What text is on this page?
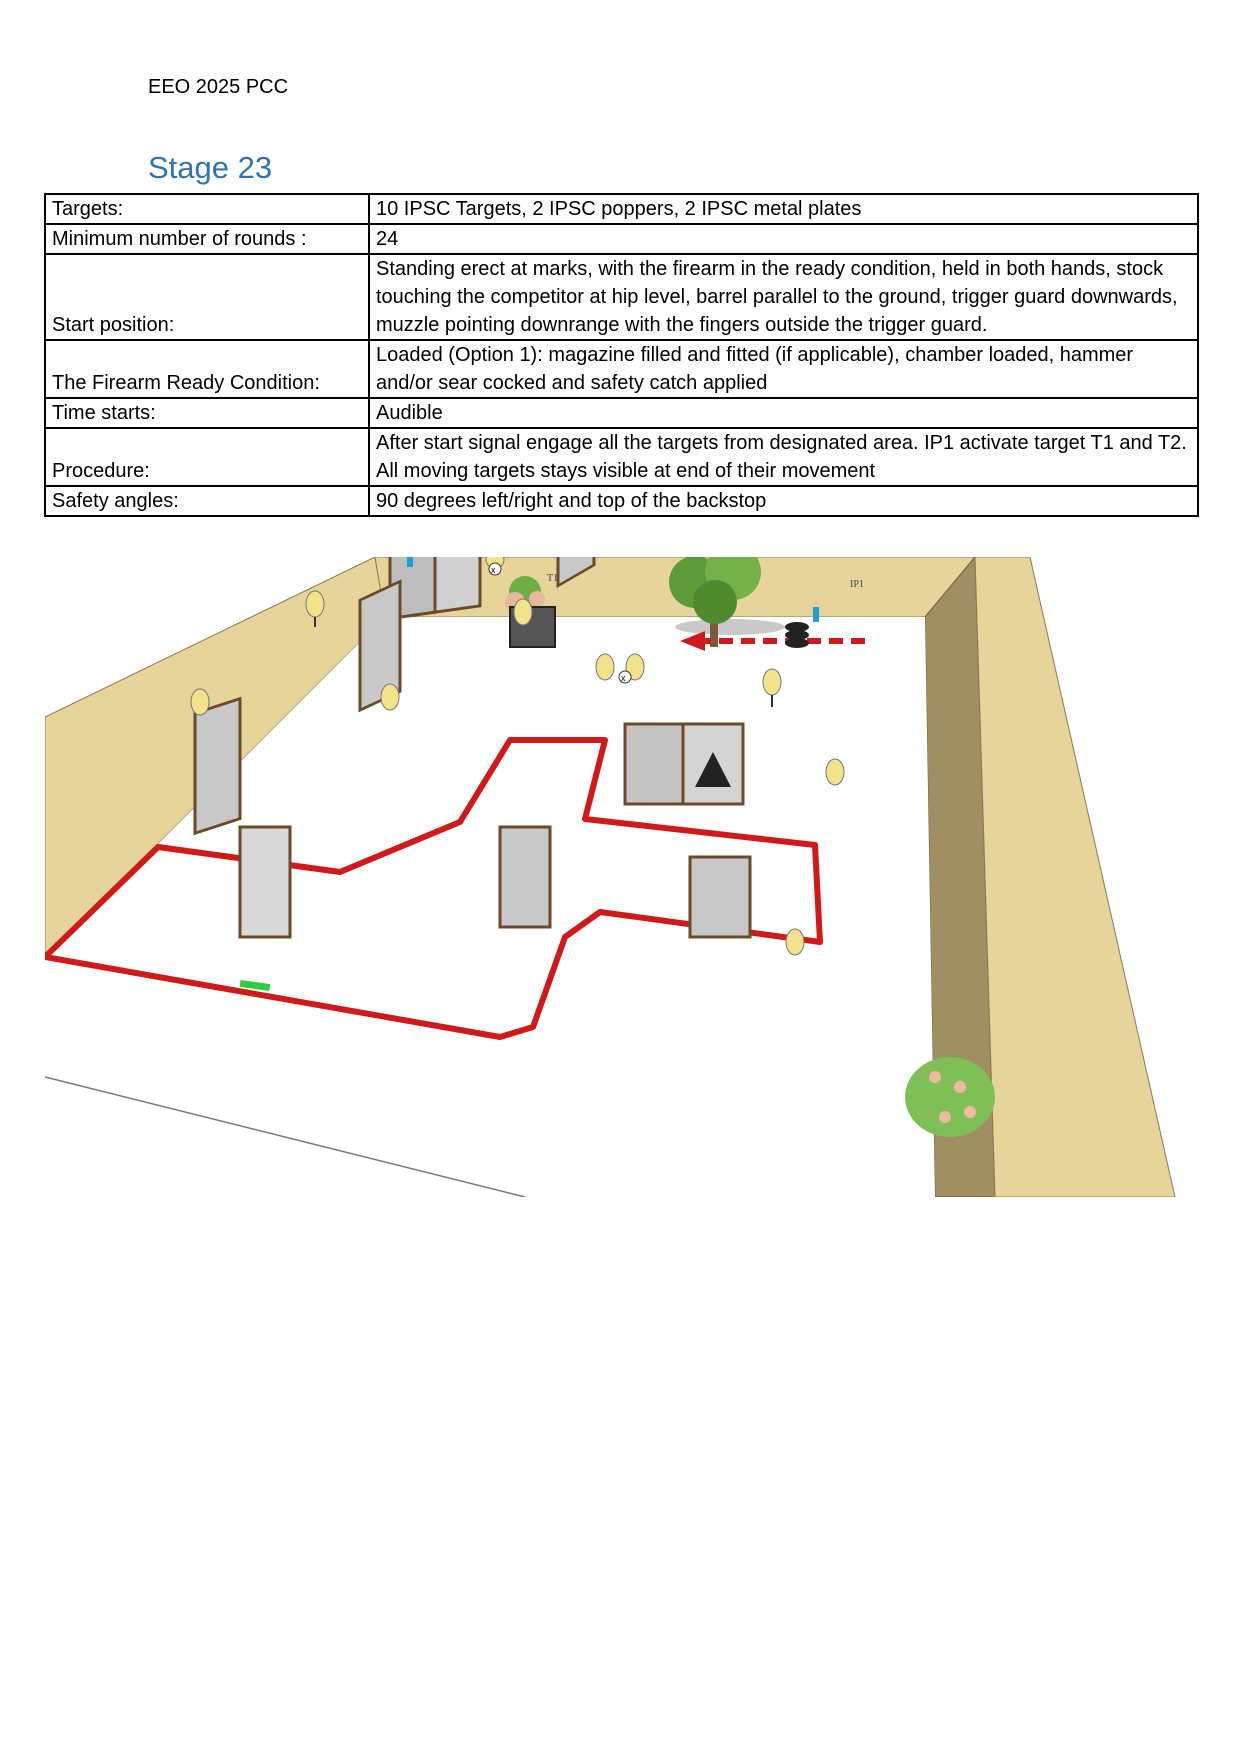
EEO 2025 PCC
Stage 23
Targets:	10 IPSC Targets, 2 IPSC poppers, 2 IPSC metal plates
Minimum number of rounds :	24
Start position:	Standing erect at marks, with the firearm in the ready condition, held in both hands, stock touching the competitor at hip level, barrel parallel to the ground, trigger guard downwards, muzzle pointing downrange with the fingers outside the trigger guard.
The Firearm Ready Condition:	Loaded (Option 1): magazine filled and fitted (if applicable), chamber loaded, hammer and/or sear cocked and safety catch applied
Time starts:	Audible
Procedure:	After start signal engage all the targets from designated area. IP1 activate target T1 and T2. All moving targets stays visible at end of their movement
Safety angles:	90 degrees left/right and top of the backstop
x
x
T1
IP1
